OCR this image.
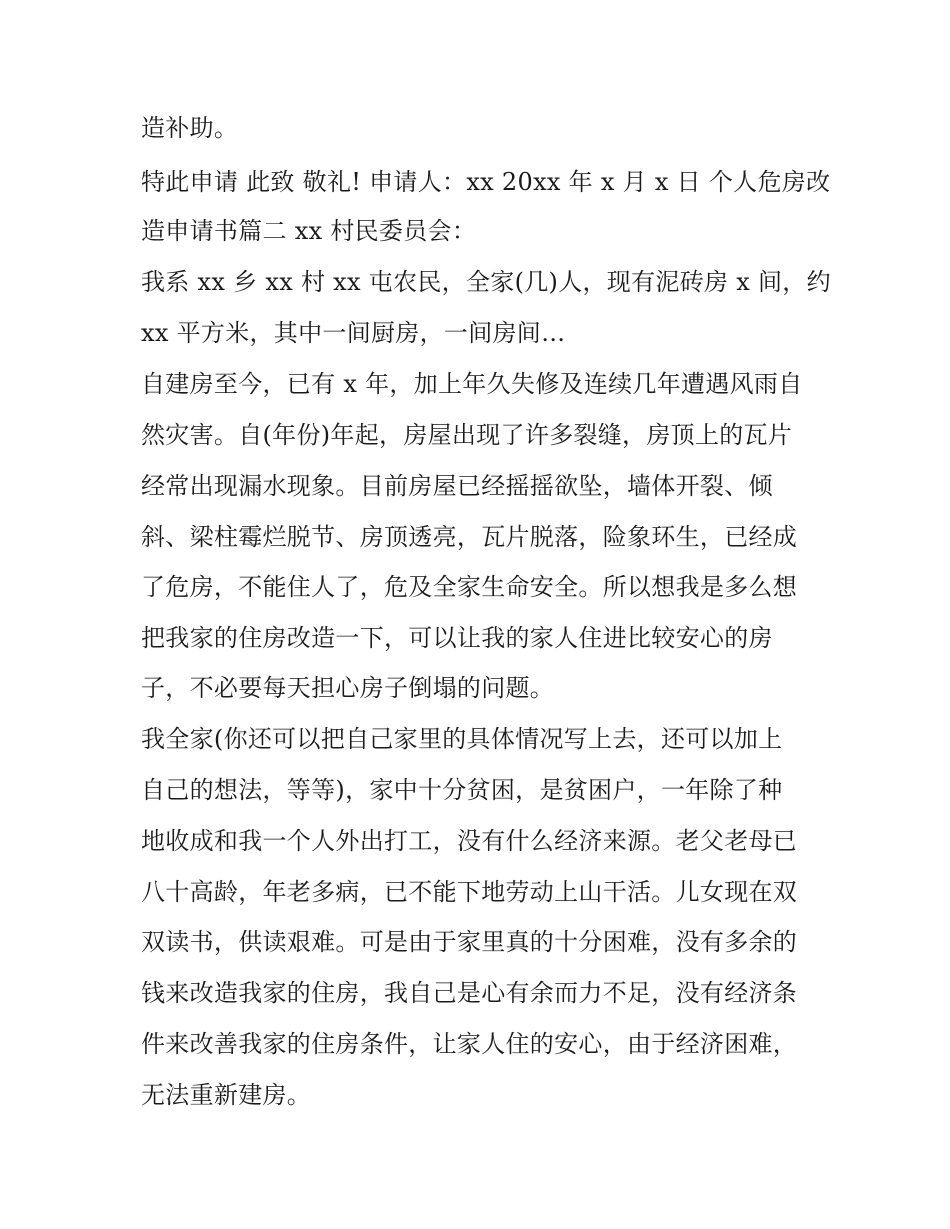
造补助。
特此申请 此致 敬礼! 申请人：xx 20xx 年 x 月 x 日 个人危房改
造申请书篇二 xx 村民委员会：
我系 xx 乡 xx 村 xx 屯农民，全家(几)人，现有泥砖房 x 间，约
xx 平方米，其中一间厨房，一间房间…
自建房至今，已有 x 年，加上年久失修及连续几年遭遇风雨自
然灾害。自(年份)年起，房屋出现了许多裂缝，房顶上的瓦片
经常出现漏水现象。目前房屋已经摇摇欲坠，墙体开裂、倾
斜、梁柱霉烂脱节、房顶透亮，瓦片脱落，险象环生，已经成
了危房，不能住人了，危及全家生命安全。所以想我是多么想
把我家的住房改造一下，可以让我的家人住进比较安心的房
子，不必要每天担心房子倒塌的问题。
我全家(你还可以把自己家里的具体情况写上去，还可以加上
自己的想法，等等)，家中十分贫困，是贫困户，一年除了种
地收成和我一个人外出打工，没有什么经济来源。老父老母已
八十高龄，年老多病，已不能下地劳动上山干活。儿女现在双
双读书，供读艰难。可是由于家里真的十分困难，没有多余的
钱来改造我家的住房，我自己是心有余而力不足，没有经济条
件来改善我家的住房条件，让家人住的安心，由于经济困难，
无法重新建房。
